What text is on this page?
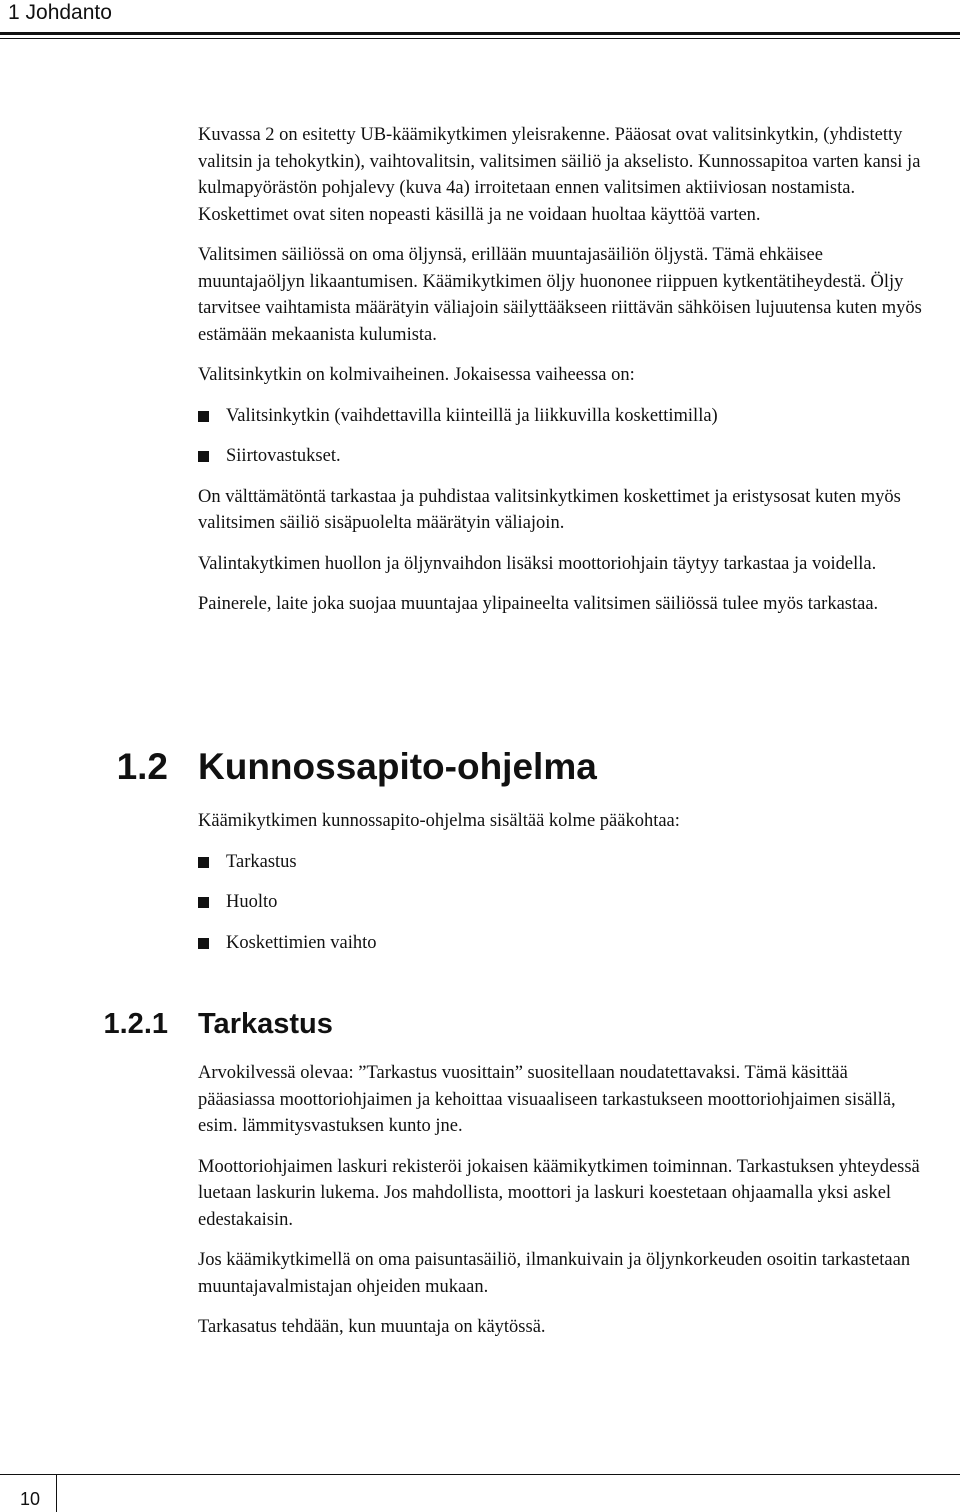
1 Johdanto

Kuvassa 2 on esitetty UB-käämikytkimen yleisrakenne. Pääosat ovat valitsinkytkin, (yhdistetty valitsin ja tehokytkin), vaihtovalitsin, valitsimen säiliö ja akselisto. Kunnossapitoa varten kansi ja kulmapyörästön pohjalevy (kuva 4a) irroitetaan ennen valitsimen aktiiviosan nostamista. Koskettimet ovat siten nopeasti käsillä ja ne voidaan huoltaa käyttöä varten.

Valitsimen säiliössä on oma öljynsä, erillään muuntajasäiliön öljystä. Tämä ehkäisee muuntajaöljyn likaantumisen. Käämikytkimen öljy huononee riippuen kytkentätiheydestä. Öljy tarvitsee vaihtamista määrätyin väliajoin säilyttääkseen riittävän sähköisen lujuutensa kuten myös estämään mekaanista kulumista.

Valitsinkytkin on kolmivaiheinen. Jokaisessa vaiheessa on:

Valitsinkytkin (vaihdettavilla kiinteillä ja liikkuvilla koskettimilla)
Siirtovastukset.

On välttämätöntä tarkastaa ja puhdistaa valitsinkytkimen koskettimet ja eristysosat kuten myös valitsimen säiliö sisäpuolelta määrätyin väliajoin.

Valintakytkimen huollon ja öljynvaihdon lisäksi moottoriohjain täytyy tarkastaa ja voidella.

Painerele, laite joka suojaa muuntajaa ylipaineelta valitsimen säiliössä tulee myös tarkastaa.

1.2 Kunnossapito-ohjelma

Käämikytkimen kunnossapito-ohjelma sisältää kolme pääkohtaa:

Tarkastus
Huolto
Koskettimien vaihto
1.2.1 Tarkastus

Arvokilvessä olevaa: ”Tarkastus vuosittain” suositellaan noudatettavaksi. Tämä käsittää pääasiassa moottoriohjaimen ja kehoittaa visuaaliseen tarkastukseen moottoriohjaimen sisällä, esim. lämmitysvastuksen kunto jne.

Moottoriohjaimen laskuri rekisteröi jokaisen käämikytkimen toiminnan. Tarkastuksen yhteydessä luetaan laskurin lukema. Jos mahdollista, moottori ja laskuri koestetaan ohjaamalla yksi askel edestakaisin.

Jos käämikytkimellä on oma paisuntasäiliö, ilmankuivain ja öljynkorkeuden osoitin tarkastetaan muuntajavalmistajan ohjeiden mukaan.

Tarkasatus tehdään, kun muuntaja on käytössä.

10
